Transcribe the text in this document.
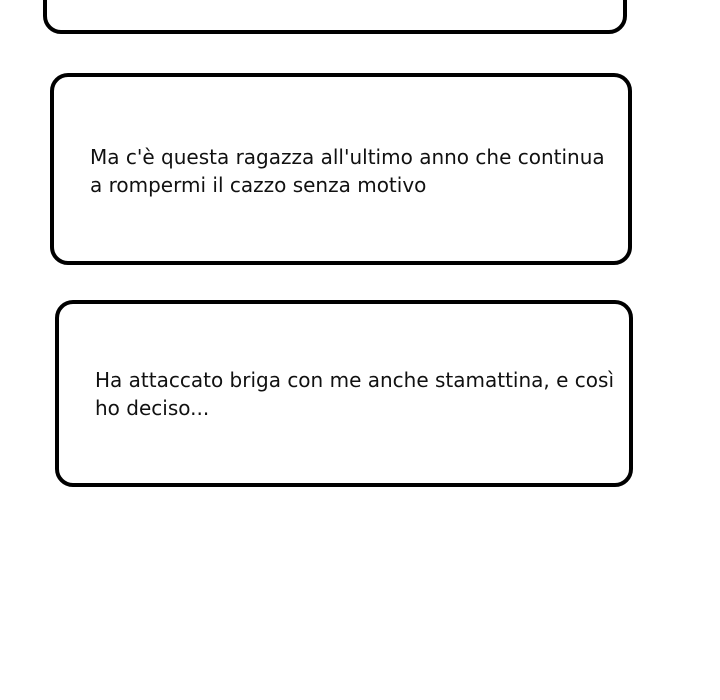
Ma c'è questa ragazza all'ultimo anno che continua
a rompermi il cazzo senza motivo

Ha attaccato briga con me anche stamattina, e così
ho deciso...
